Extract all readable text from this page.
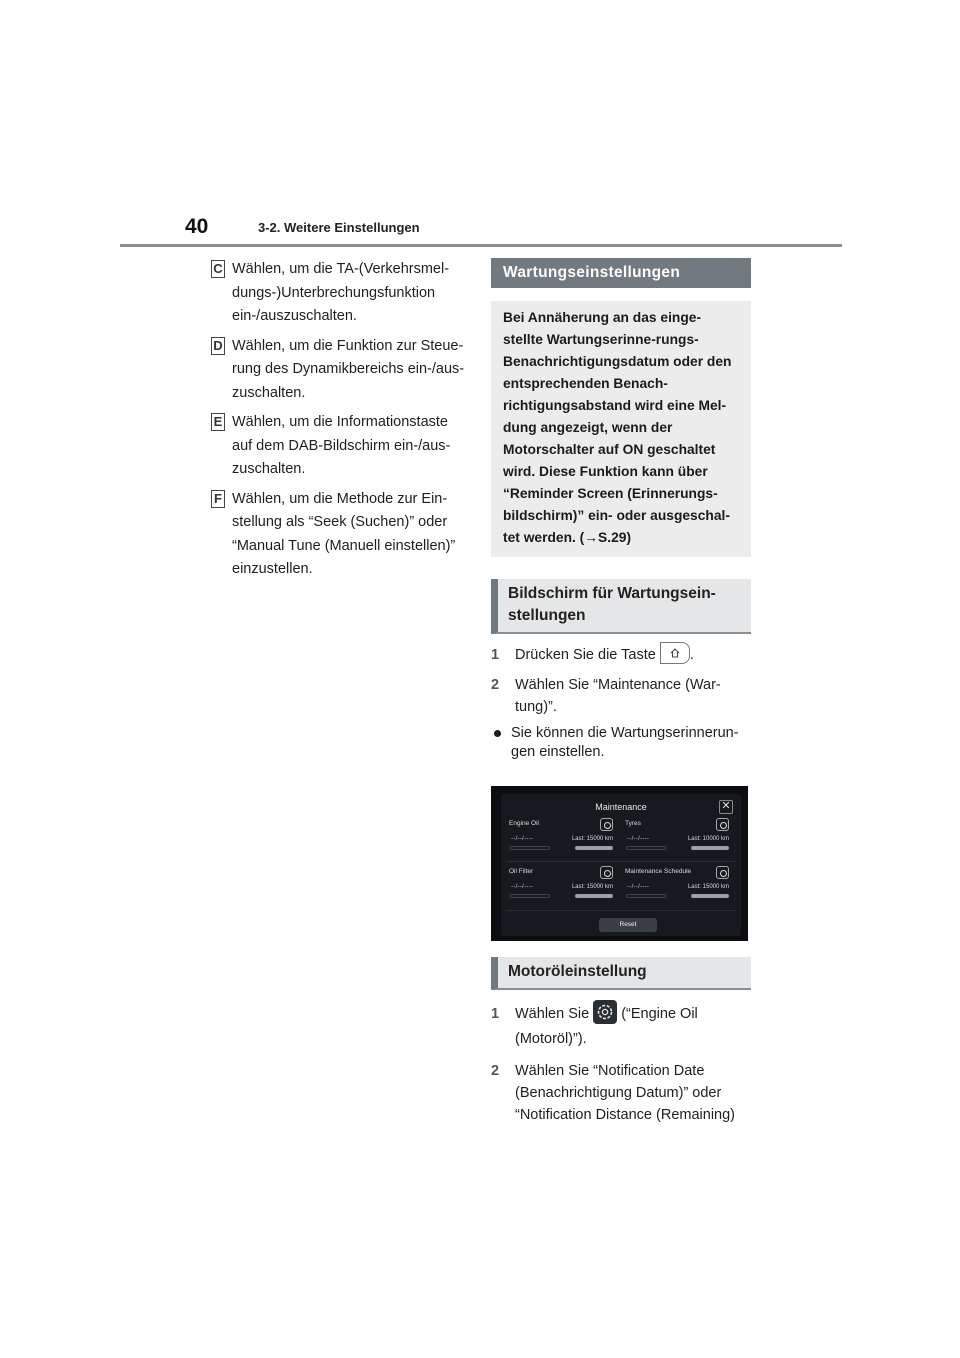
40	3-2. Weitere Einstellungen
C Wählen, um die TA-(Verkehrsmel-dungs-)Unterbrechungsfunktion ein-/auszuschalten.
D Wählen, um die Funktion zur Steue-rung des Dynamikbereichs ein-/aus-zuschalten.
E Wählen, um die Informationstaste auf dem DAB-Bildschirm ein-/aus-zuschalten.
F Wählen, um die Methode zur Ein-stellung als “Seek (Suchen)” oder “Manual Tune (Manuell einstellen)” einzustellen.
Wartungseinstellungen

Bei Annäherung an das einge-stellte Wartungserinne-rungs-Benachrichtigungsdatum oder den entsprechenden Benach-richtigungsabstand wird eine Mel-dung angezeigt, wenn der Motorschalter auf ON geschaltet wird. Diese Funktion kann über “Reminder Screen (Erinnerungs-bildschirm)” ein- oder ausgeschal-tet werden. (→S.29)

Bildschirm für Wartungsein-stellungen
1 Drücken Sie die Taste .
2 Wählen Sie “Maintenance (War-tung)”.
Sie können die Wartungserinnerun-gen einstellen.
Maintenance	✕
Engine Oil
--/--/----	Last: 15000 km
Tyres
--/--/----	Last: 10000 km
Oil Filter
--/--/----	Last: 15000 km
Maintenance Schedule
--/--/----	Last: 15000 km
Reset
Motoröleinstellung
1 Wählen Sie (“Engine Oil (Motoröl)”).
2 Wählen Sie “Notification Date (Benachrichtigung Datum)” oder “Notification Distance (Remaining)
